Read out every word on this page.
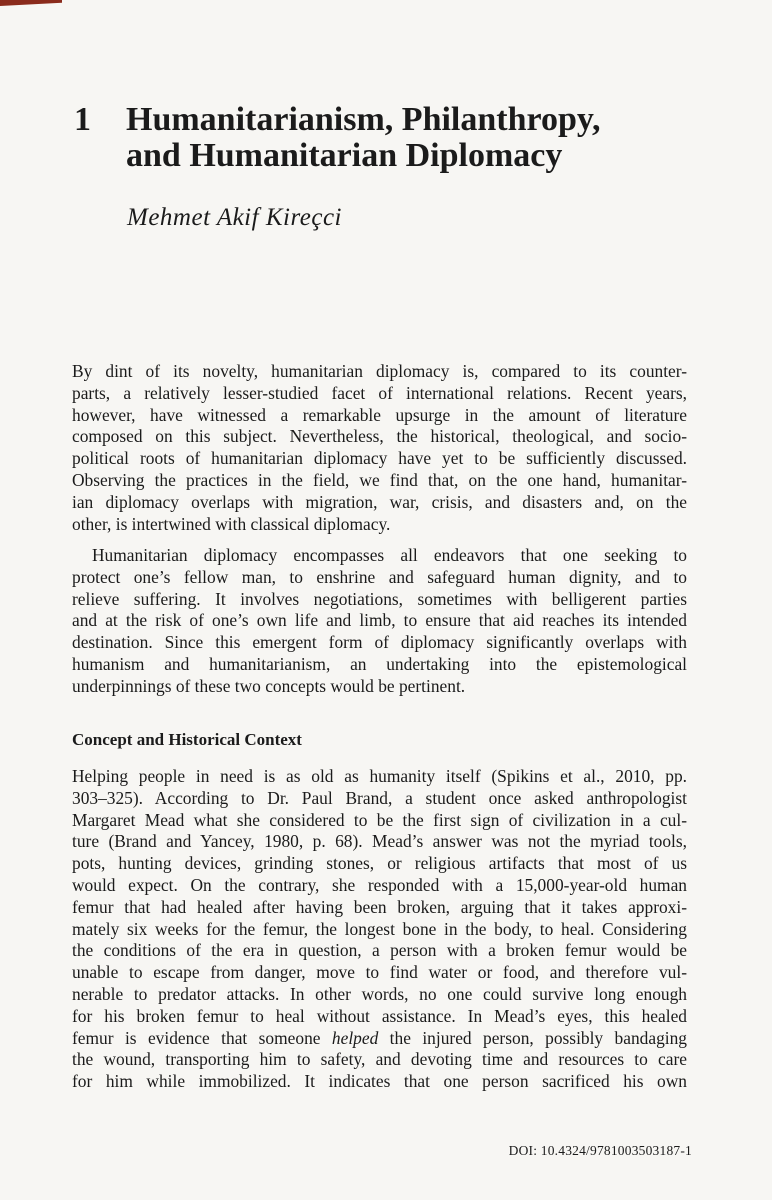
1 Humanitarianism, Philanthropy,
and Humanitarian Diplomacy
Mehmet Akif Kireçci

By dint of its novelty, humanitarian diplomacy is, compared to its counter-
parts, a relatively lesser-studied facet of international relations. Recent years,
however, have witnessed a remarkable upsurge in the amount of literature
composed on this subject. Nevertheless, the historical, theological, and socio-
political roots of humanitarian diplomacy have yet to be sufficiently discussed.
Observing the practices in the field, we find that, on the one hand, humanitar-
ian diplomacy overlaps with migration, war, crisis, and disasters and, on the
other, is intertwined with classical diplomacy.

Humanitarian diplomacy encompasses all endeavors that one seeking to
protect one’s fellow man, to enshrine and safeguard human dignity, and to
relieve suffering. It involves negotiations, sometimes with belligerent parties
and at the risk of one’s own life and limb, to ensure that aid reaches its intended
destination. Since this emergent form of diplomacy significantly overlaps with
humanism and humanitarianism, an undertaking into the epistemological
underpinnings of these two concepts would be pertinent.

Concept and Historical Context

Helping people in need is as old as humanity itself (Spikins et al., 2010, pp.
303–325). According to Dr. Paul Brand, a student once asked anthropologist
Margaret Mead what she considered to be the first sign of civilization in a cul-
ture (Brand and Yancey, 1980, p. 68). Mead’s answer was not the myriad tools,
pots, hunting devices, grinding stones, or religious artifacts that most of us
would expect. On the contrary, she responded with a 15,000-year-old human
femur that had healed after having been broken, arguing that it takes approxi-
mately six weeks for the femur, the longest bone in the body, to heal. Considering
the conditions of the era in question, a person with a broken femur would be
unable to escape from danger, move to find water or food, and therefore vul-
nerable to predator attacks. In other words, no one could survive long enough
for his broken femur to heal without assistance. In Mead’s eyes, this healed
femur is evidence that someone helped the injured person, possibly bandaging
the wound, transporting him to safety, and devoting time and resources to care
for him while immobilized. It indicates that one person sacrificed his own

DOI: 10.4324/9781003503187-1
